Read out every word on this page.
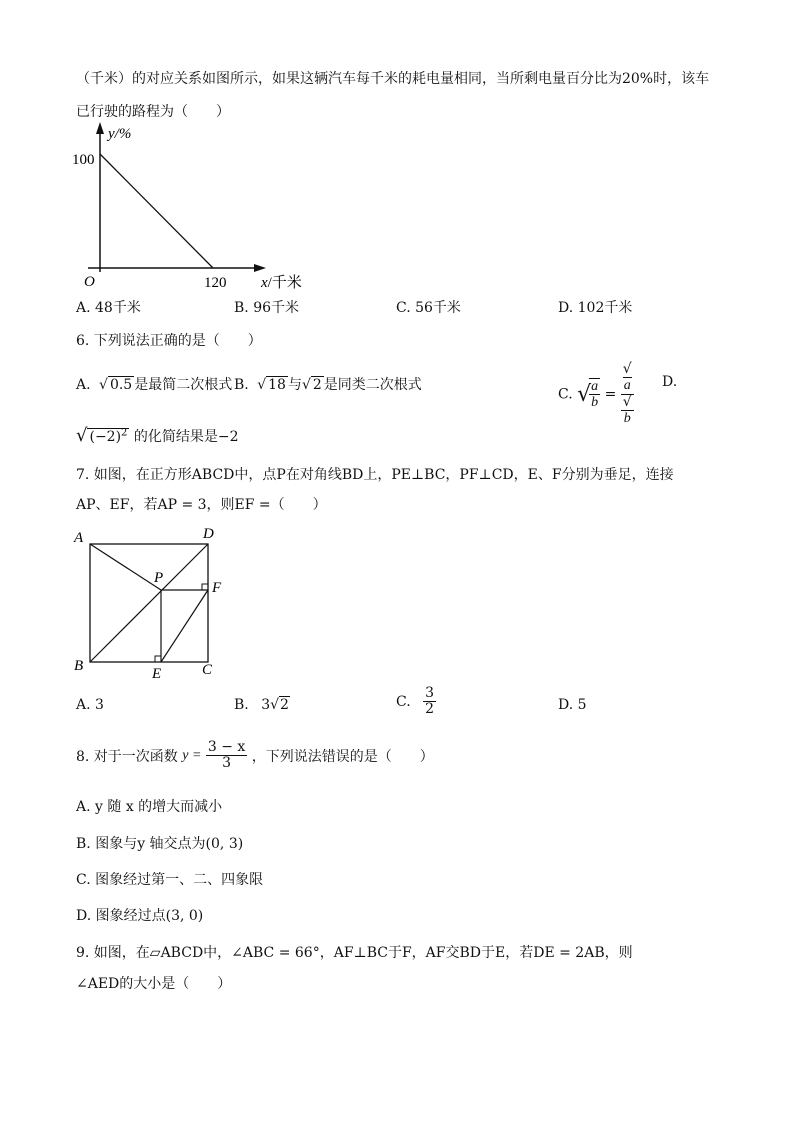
（千米）的对应关系如图所示，如果这辆汽车每千米的耗电量相同，当所剩电量百分比为20%时，该车
已行驶的路程为（　　）
y/%
100
O	120 x/千米
A. 48千米	B. 96千米	C. 56千米	D. 102千米
6. 下列说法正确的是（　　）
A. √ 0.5 是最简二次根式 B. √ 18 与√ 2 是同类二次根式
C. √
$\frac{a}{b}$ = √
a
√
b D.
√ $(-2)^2$ 的化简结果是−2
7. 如图，在正方形ABCD中，点P在对角线BD上，PE⊥BC，PF⊥CD，E、F分别为垂足，连接
AP、EF，若AP = 3，则EF =（　　）
A	D
B	C
P
F
E
A. 3	B. 3√2	C. $\frac{3}{2}$	D. 5
8. 对于一次函数 $y = \frac{3 - x}{3}$ ，下列说法错误的是（　　）
A. y 随 x 的增大而减小
B. 图象与y 轴交点为(0, 3)
C. 图象经过第一、二、四象限
D. 图象经过点(3, 0)
9. 如图，在▱ABCD中，∠ABC = 66°，AF⊥BC于F，AF交BD于E，若DE = 2AB，则
∠AED的大小是（　　）
